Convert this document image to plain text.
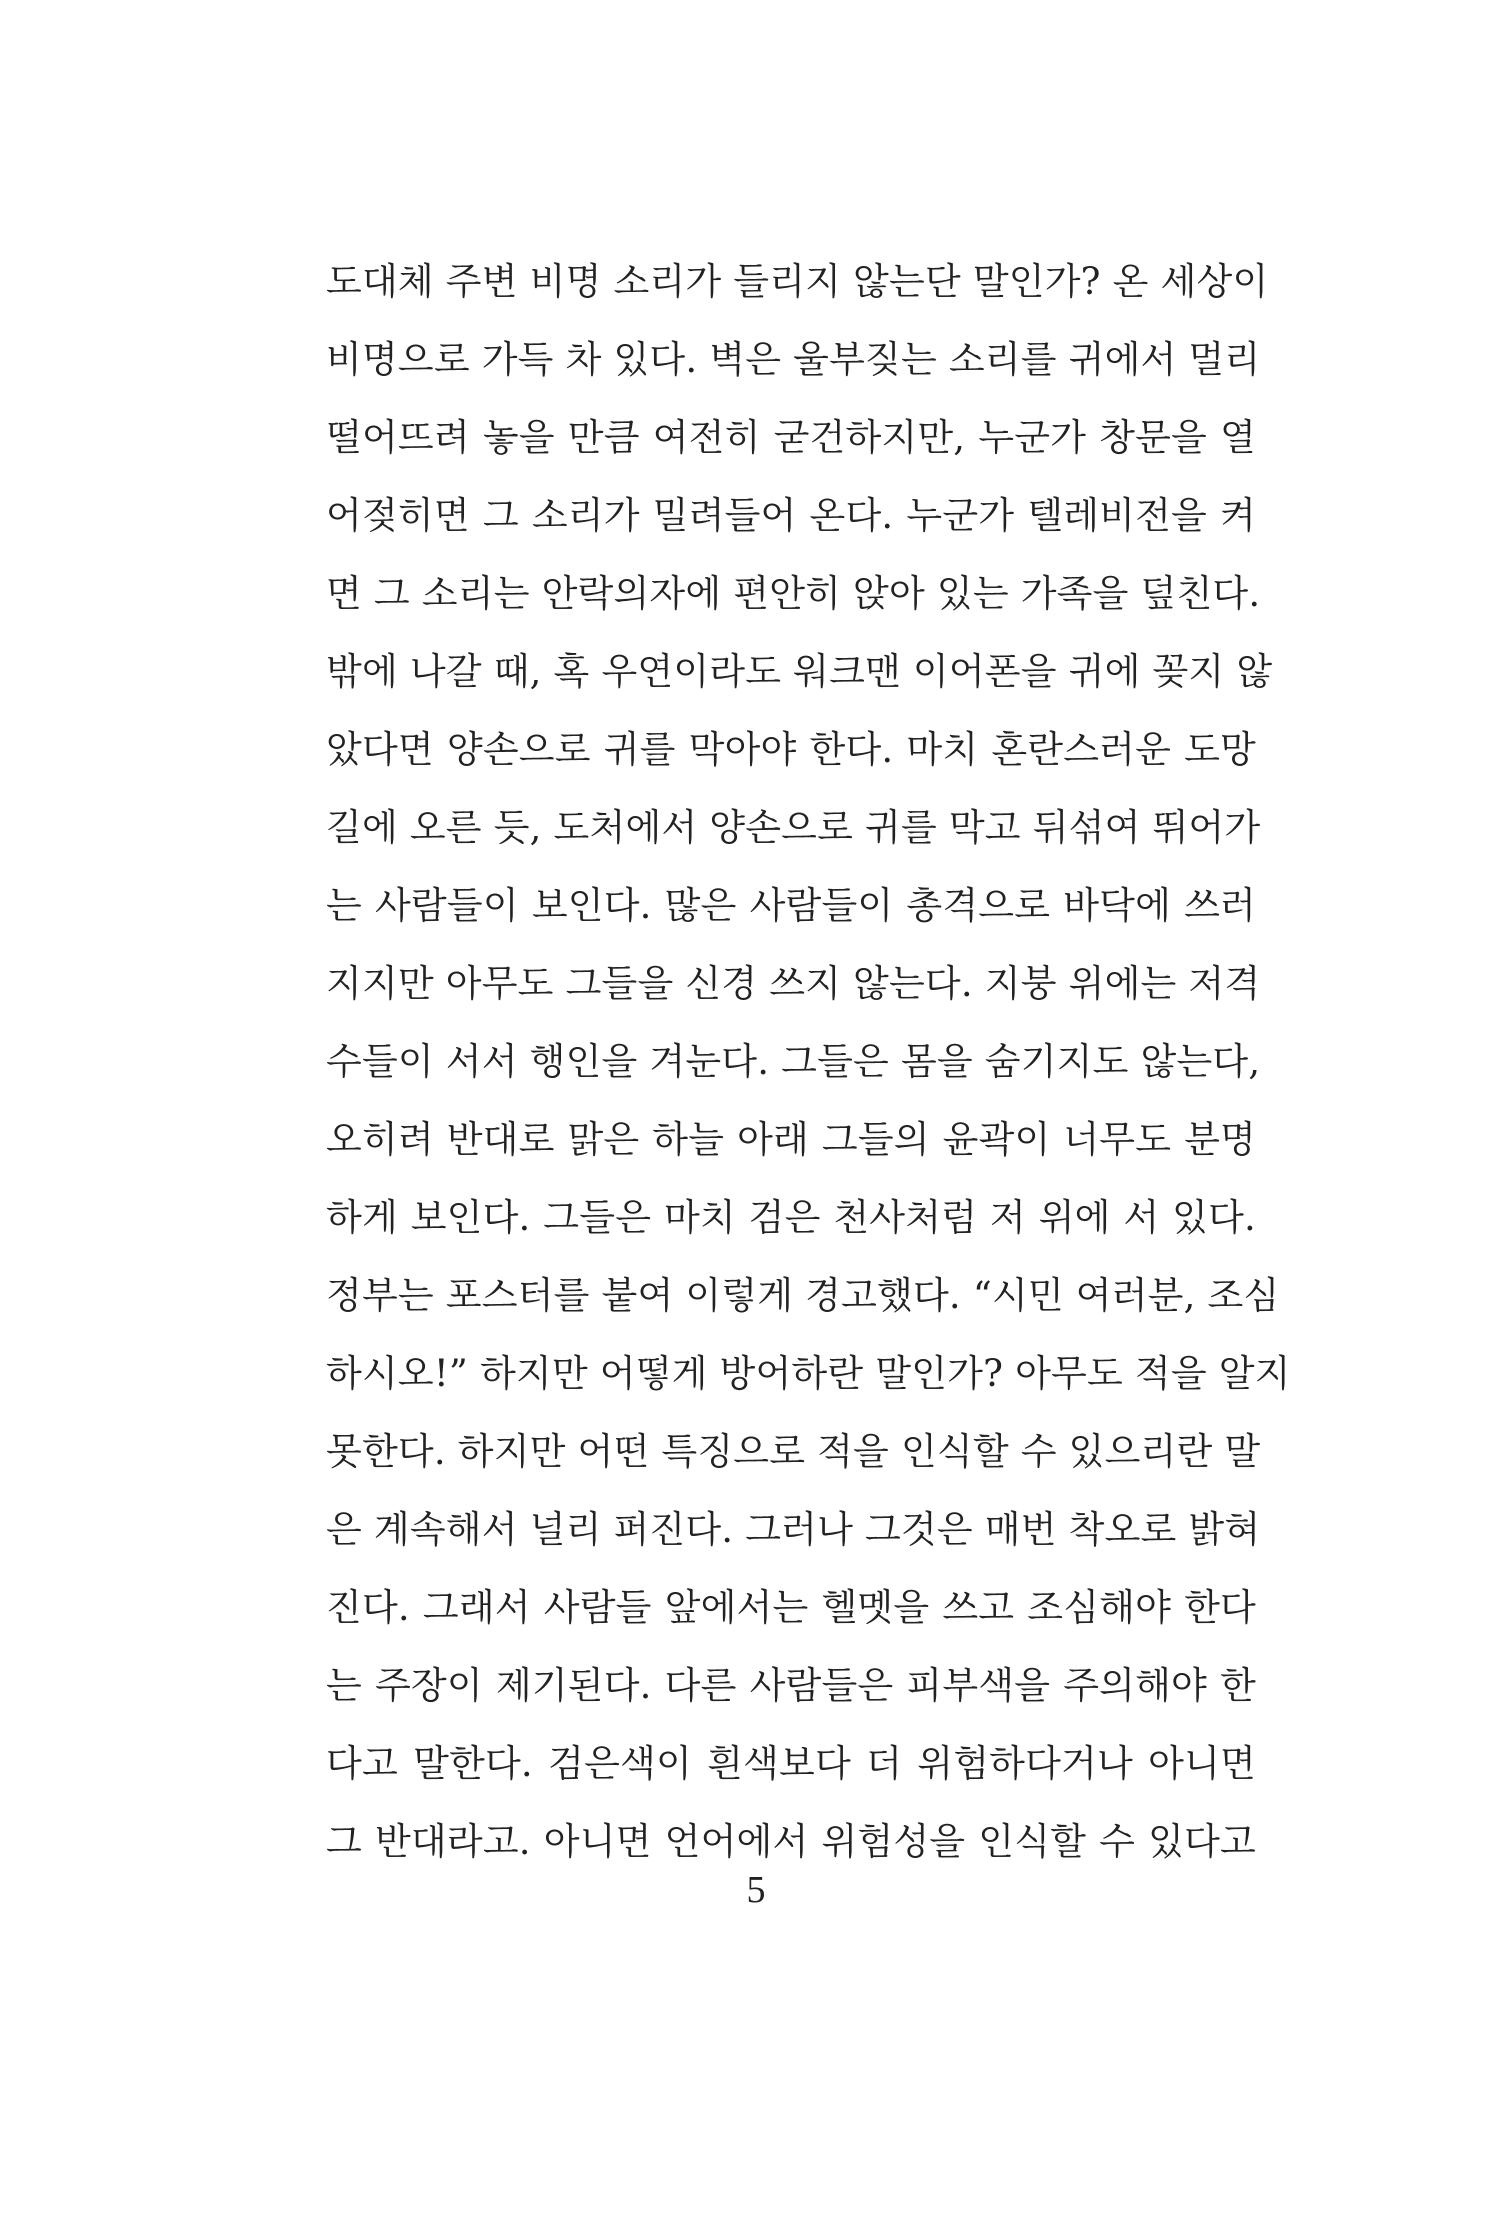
도대체 주변 비명 소리가 들리지 않는단 말인가? 온 세상이
비명으로 가득 차 있다. 벽은 울부짖는 소리를 귀에서 멀리
떨어뜨려 놓을 만큼 여전히 굳건하지만, 누군가 창문을 열
어젖히면 그 소리가 밀려들어 온다. 누군가 텔레비전을 켜
면 그 소리는 안락의자에 편안히 앉아 있는 가족을 덮친다.
밖에 나갈 때, 혹 우연이라도 워크맨 이어폰을 귀에 꽂지 않
았다면 양손으로 귀를 막아야 한다. 마치 혼란스러운 도망
길에 오른 듯, 도처에서 양손으로 귀를 막고 뒤섞여 뛰어가
는 사람들이 보인다. 많은 사람들이 총격으로 바닥에 쓰러
지지만 아무도 그들을 신경 쓰지 않는다. 지붕 위에는 저격
수들이 서서 행인을 겨눈다. 그들은 몸을 숨기지도 않는다,
오히려 반대로 맑은 하늘 아래 그들의 윤곽이 너무도 분명
하게 보인다. 그들은 마치 검은 천사처럼 저 위에 서 있다.
정부는 포스터를 붙여 이렇게 경고했다. “시민 여러분, 조심
하시오!” 하지만 어떻게 방어하란 말인가? 아무도 적을 알지
못한다. 하지만 어떤 특징으로 적을 인식할 수 있으리란 말
은 계속해서 널리 퍼진다. 그러나 그것은 매번 착오로 밝혀
진다. 그래서 사람들 앞에서는 헬멧을 쓰고 조심해야 한다
는 주장이 제기된다. 다른 사람들은 피부색을 주의해야 한
다고 말한다. 검은색이 흰색보다 더 위험하다거나 아니면
그 반대라고. 아니면 언어에서 위험성을 인식할 수 있다고
5
